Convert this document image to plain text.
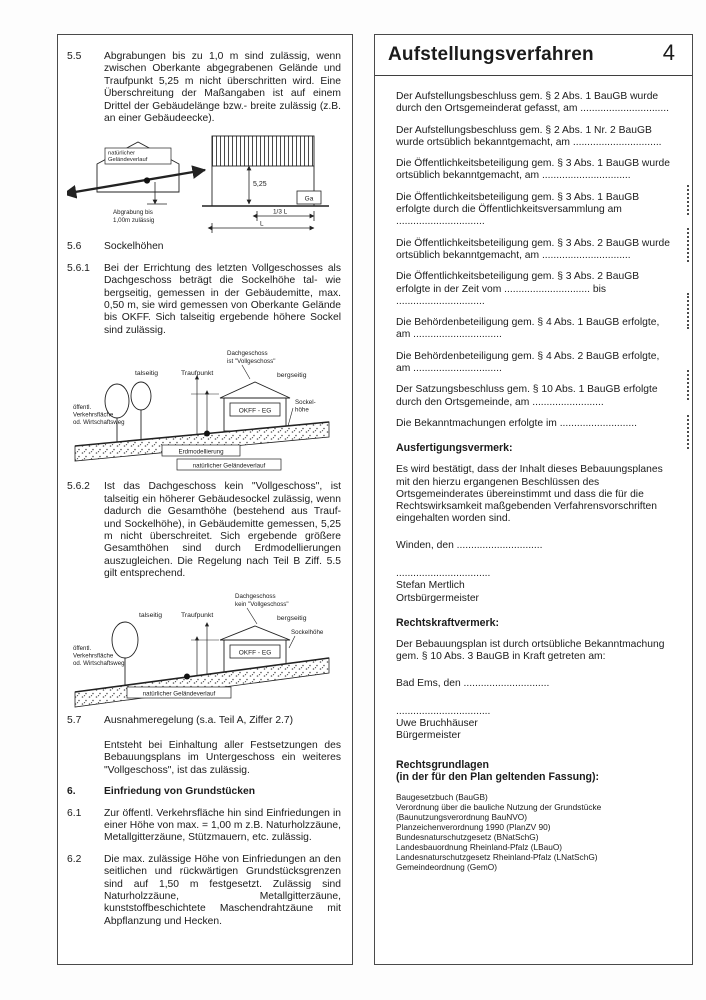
5.5	Abgrabungen bis zu 1,0 m sind zulässig, wenn zwischen Oberkante abgegrabenen Gelände und Traufpunkt 5,25 m nicht überschritten wird. Eine Überschreitung der Maßangaben ist auf einem Drittel der Gebäudelänge bzw.- breite zulässig (z.B. an einer Gebäudeecke).
natürlicher
Geländeverlauf
5,25
Ga
Abgrabung bis
1,00m zulässig
1/3 L
L
5.6	Sockelhöhen
5.6.1	Bei der Errichtung des letzten Vollgeschosses als Dachgeschoss beträgt die Sockelhöhe tal- wie bergseitig, gemessen in der Gebäudemitte, max. 0,50 m, sie wird gemessen von Oberkante Gelände bis OKFF. Sich talseitig ergebende höhere Sockel sind zulässig.
Dachgeschoss
ist "Vollgeschoss"
talseitig	Traufpunkt	bergseitig
öffentl.
Verkehrsfläche
od. Wirtschaftsweg
OKFF - EG
Sockel-
höhe
Erdmodellierung
natürlicher Geländeverlauf
5.6.2	Ist das Dachgeschoss kein "Vollgeschoss", ist talseitig ein höherer Gebäudesockel zulässig, wenn dadurch die Gesamthöhe (bestehend aus Trauf- und Sockelhöhe), in Gebäudemitte gemessen, 5,25 m nicht überschreitet. Sich ergebende größere Gesamthöhen sind durch Erdmodellierungen auszugleichen. Die Regelung nach Teil B Ziff. 5.5 gilt entsprechend.
Dachgeschoss
kein "Vollgeschoss"
talseitig	Traufpunkt	bergseitig
öffentl.
Verkehrsfläche
od. Wirtschaftsweg
OKFF - EG
Sockelhöhe
natürlicher Geländeverlauf
5.7	Ausnahmeregelung (s.a. Teil A, Ziffer 2.7)
Entsteht bei Einhaltung aller Festsetzungen des Bebauungsplans im Untergeschoss ein weiteres "Vollgeschoss", ist das zulässig.
6.	Einfriedung von Grundstücken
6.1	Zur öffentl. Verkehrsfläche hin sind Einfriedungen in einer Höhe von max. = 1,00 m z.B. Naturholzzäune, Metallgitterzäune, Stützmauern, etc. zulässig.
6.2	Die max. zulässige Höhe von Einfriedungen an den seitlichen und rückwärtigen Grundstücksgrenzen sind auf 1,50 m festgesetzt. Zulässig sind Naturholzzäune, Metallgitterzäune, kunststoffbeschichtete Maschendrahtzäune mit Abpflanzung und Hecken.
Aufstellungsverfahren	4

Der Aufstellungsbeschluss gem. § 2 Abs. 1 BauGB wurde durch den Ortsgemeinderat gefasst, am ...............................

Der Aufstellungsbeschluss gem. § 2 Abs. 1 Nr. 2 BauGB wurde ortsüblich bekanntgemacht, am ...............................

Die Öffentlichkeitsbeteiligung gem. § 3 Abs. 1 BauGB wurde ortsüblich bekanntgemacht, am ...............................

Die Öffentlichkeitsbeteiligung gem. § 3 Abs. 1 BauGB erfolgte durch die Öffentlichkeitsversammlung am ...............................

Die Öffentlichkeitsbeteiligung gem. § 3 Abs. 2 BauGB wurde ortsüblich bekanntgemacht, am ...............................

Die Öffentlichkeitsbeteiligung gem. § 3 Abs. 2 BauGB erfolgte in der Zeit vom .............................. bis ...............................

Die Behördenbeteiligung gem. § 4 Abs. 1 BauGB erfolgte, am ...............................

Die Behördenbeteiligung gem. § 4 Abs. 2 BauGB erfolgte, am ...............................

Der Satzungsbeschluss gem. § 10 Abs. 1 BauGB erfolgte durch den Ortsgemeinde, am .........................

Die Bekanntmachungen erfolgte im ...........................

Ausfertigungsvermerk:

Es wird bestätigt, dass der Inhalt dieses Bebauungsplanes mit den hierzu ergangenen Beschlüssen des Ortsgemeinderates übereinstimmt und dass die für die Rechtswirksamkeit maßgebenden Verfahrensvorschriften eingehalten worden sind.

Winden, den ..............................

.................................

Stefan Mertlich

Ortsbürgermeister

Rechtskraftvermerk:

Der Bebauungsplan ist durch ortsübliche Bekanntmachung gem. § 10 Abs. 3 BauGB in Kraft getreten am:

Bad Ems, den ..............................

.................................

Uwe Bruchhäuser

Bürgermeister

Rechtsgrundlagen
(in der für den Plan geltenden Fassung):
Baugesetzbuch (BauGB)
Verordnung über die bauliche Nutzung der Grundstücke
(Baunutzungsverordnung BauNVO)
Planzeichenverordnung 1990 (PlanZV 90)
Bundesnaturschutzgesetz (BNatSchG)
Landesbauordnung Rheinland-Pfalz (LBauO)
Landesnaturschutzgesetz Rheinland-Pfalz (LNatSchG)
Gemeindeordnung (GemO)
